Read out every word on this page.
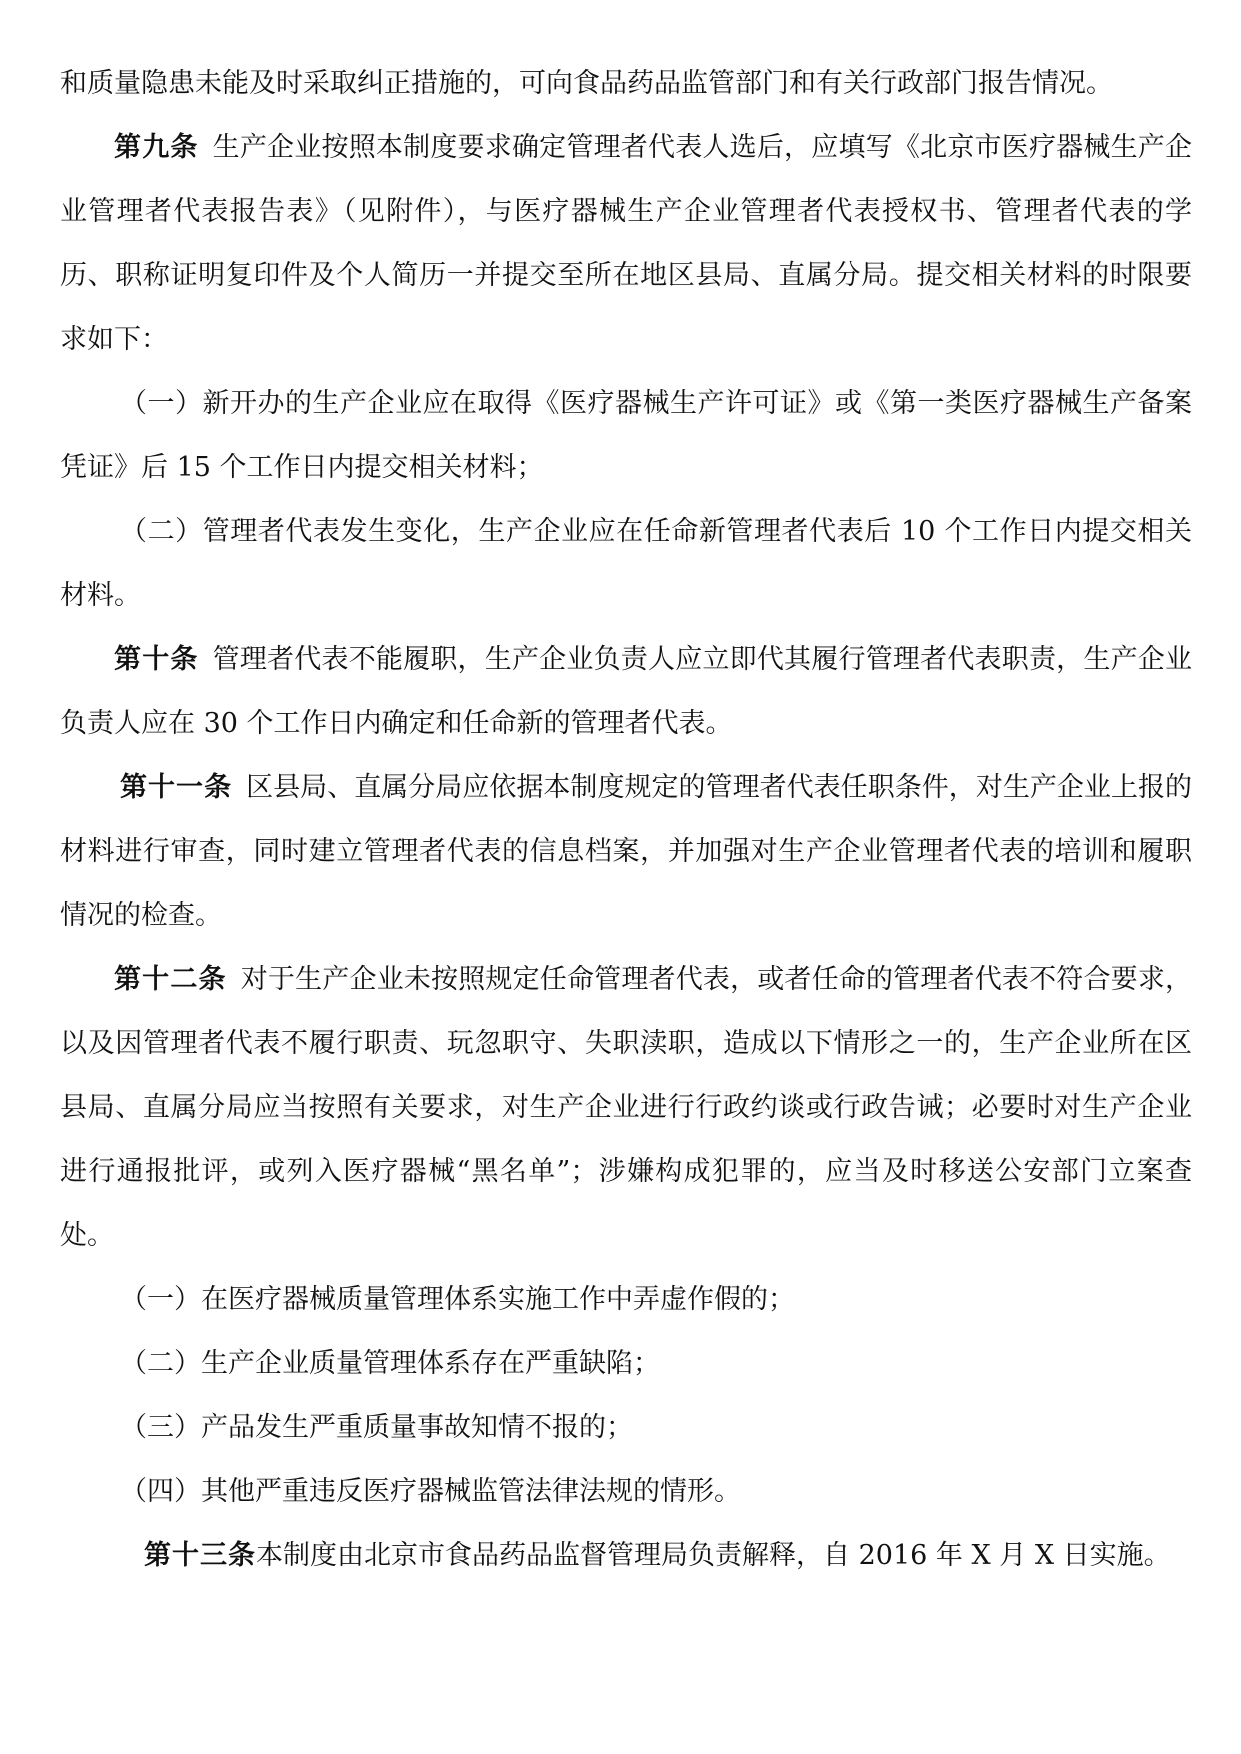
和质量隐患未能及时采取纠正措施的，可向食品药品监管部门和有关行政部门报告情况。

第九条 生产企业按照本制度要求确定管理者代表人选后，应填写《北京市医疗器械生产企业管理者代表报告表》（见附件），与医疗器械生产企业管理者代表授权书、管理者代表的学历、职称证明复印件及个人简历一并提交至所在地区县局、直属分局。提交相关材料的时限要求如下：

（一）新开办的生产企业应在取得《医疗器械生产许可证》或《第一类医疗器械生产备案凭证》后 15 个工作日内提交相关材料；

（二）管理者代表发生变化，生产企业应在任命新管理者代表后 10 个工作日内提交相关材料。

第十条 管理者代表不能履职，生产企业负责人应立即代其履行管理者代表职责，生产企业负责人应在 30 个工作日内确定和任命新的管理者代表。

第十一条 区县局、直属分局应依据本制度规定的管理者代表任职条件，对生产企业上报的材料进行审查，同时建立管理者代表的信息档案，并加强对生产企业管理者代表的培训和履职情况的检查。

第十二条 对于生产企业未按照规定任命管理者代表，或者任命的管理者代表不符合要求，以及因管理者代表不履行职责、玩忽职守、失职渎职，造成以下情形之一的，生产企业所在区县局、直属分局应当按照有关要求，对生产企业进行行政约谈或行政告诫；必要时对生产企业进行通报批评，或列入医疗器械“黑名单”；涉嫌构成犯罪的，应当及时移送公安部门立案查处。

（一）在医疗器械质量管理体系实施工作中弄虚作假的；

（二）生产企业质量管理体系存在严重缺陷；

（三）产品发生严重质量事故知情不报的；

（四）其他严重违反医疗器械监管法律法规的情形。

第十三条本制度由北京市食品药品监督管理局负责解释，自 2016 年 X 月 X 日实施。
